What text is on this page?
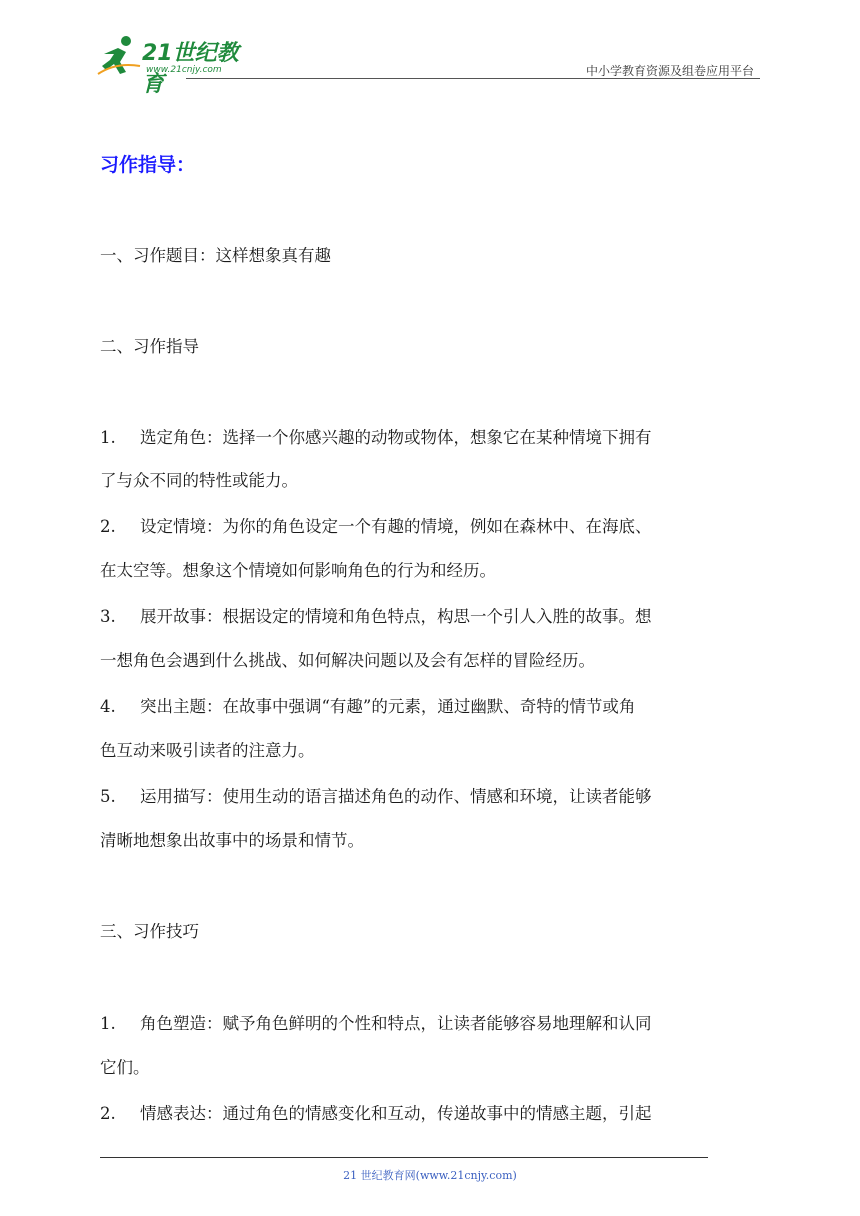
21世纪教育
www.21cnjy.com	中小学教育资源及组卷应用平台
习作指导：
一、习作题目：这样想象真有趣
二、习作指导
1. 选定角色：选择一个你感兴趣的动物或物体，想象它在某种情境下拥有
了与众不同的特性或能力。
2. 设定情境：为你的角色设定一个有趣的情境，例如在森林中、在海底、
在太空等。想象这个情境如何影响角色的行为和经历。
3. 展开故事：根据设定的情境和角色特点，构思一个引人入胜的故事。想
一想角色会遇到什么挑战、如何解决问题以及会有怎样的冒险经历。
4. 突出主题：在故事中强调“有趣”的元素，通过幽默、奇特的情节或角
色互动来吸引读者的注意力。
5. 运用描写：使用生动的语言描述角色的动作、情感和环境，让读者能够
清晰地想象出故事中的场景和情节。
三、习作技巧
1. 角色塑造：赋予角色鲜明的个性和特点，让读者能够容易地理解和认同
它们。
2. 情感表达：通过角色的情感变化和互动，传递故事中的情感主题，引起
21 世纪教育网(www.21cnjy.com)
